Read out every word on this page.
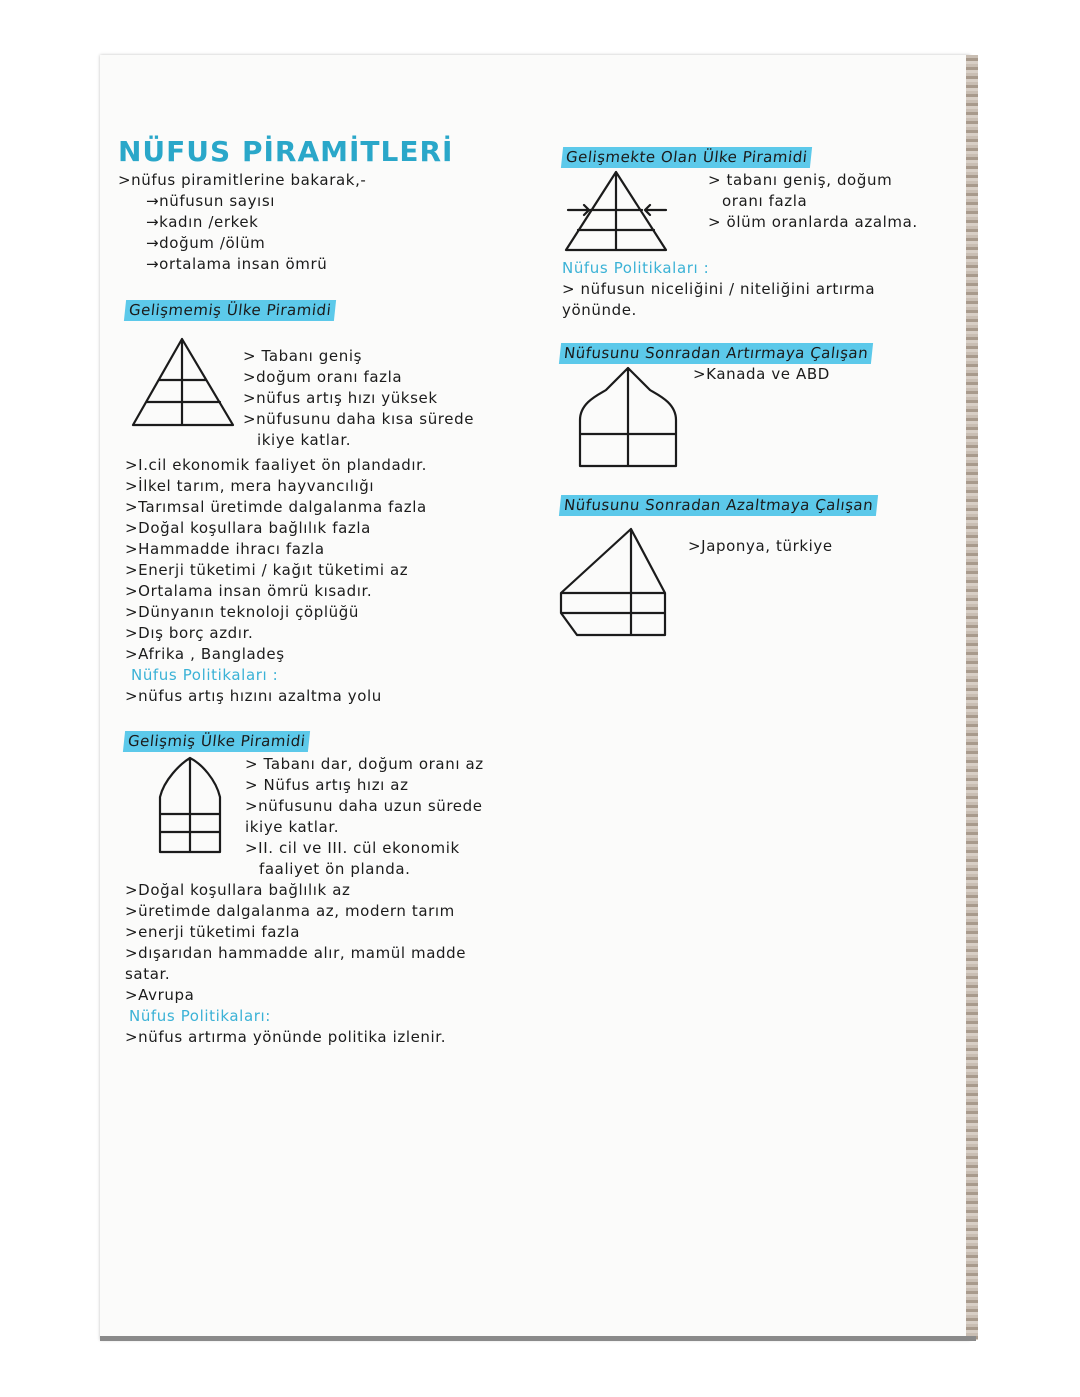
NÜFUS PİRAMİTLERİ
>nüfus piramitlerine bakarak,-
→nüfusun sayısı
→kadın /erkek
→doğum /ölüm
→ortalama insan ömrü
Gelişmemiş Ülke Piramidi
> Tabanı geniş
>doğum oranı fazla
>nüfus artış hızı yüksek
>nüfusunu daha kısa sürede
ikiye katlar.
>I.cil ekonomik faaliyet ön plandadır.
>İlkel tarım, mera hayvancılığı
>Tarımsal üretimde dalgalanma fazla
>Doğal koşullara bağlılık fazla
>Hammadde ihracı fazla
>Enerji tüketimi / kağıt tüketimi az
>Ortalama insan ömrü kısadır.
>Dünyanın teknoloji çöplüğü
>Dış borç azdır.
>Afrika , Bangladeş
Nüfus Politikaları :
>nüfus artış hızını azaltma yolu
Gelişmiş Ülke Piramidi
> Tabanı dar, doğum oranı az
> Nüfus artış hızı az
>nüfusunu daha uzun sürede
ikiye katlar.
>II. cil ve III. cül ekonomik
faaliyet ön planda.
>Doğal koşullara bağlılık az
>üretimde dalgalanma az, modern tarım
>enerji tüketimi fazla
>dışarıdan hammadde alır, mamül madde
satar.
>Avrupa
Nüfus Politikaları:
>nüfus artırma yönünde politika izlenir.
Gelişmekte Olan Ülke Piramidi
> tabanı geniş, doğum
oranı fazla
> ölüm oranlarda azalma.
Nüfus Politikaları :
> nüfusun niceliğini / niteliğini artırma
yönünde.
Nüfusunu Sonradan Artırmaya Çalışan
>Kanada ve ABD
Nüfusunu Sonradan Azaltmaya Çalışan
>Japonya, türkiye
